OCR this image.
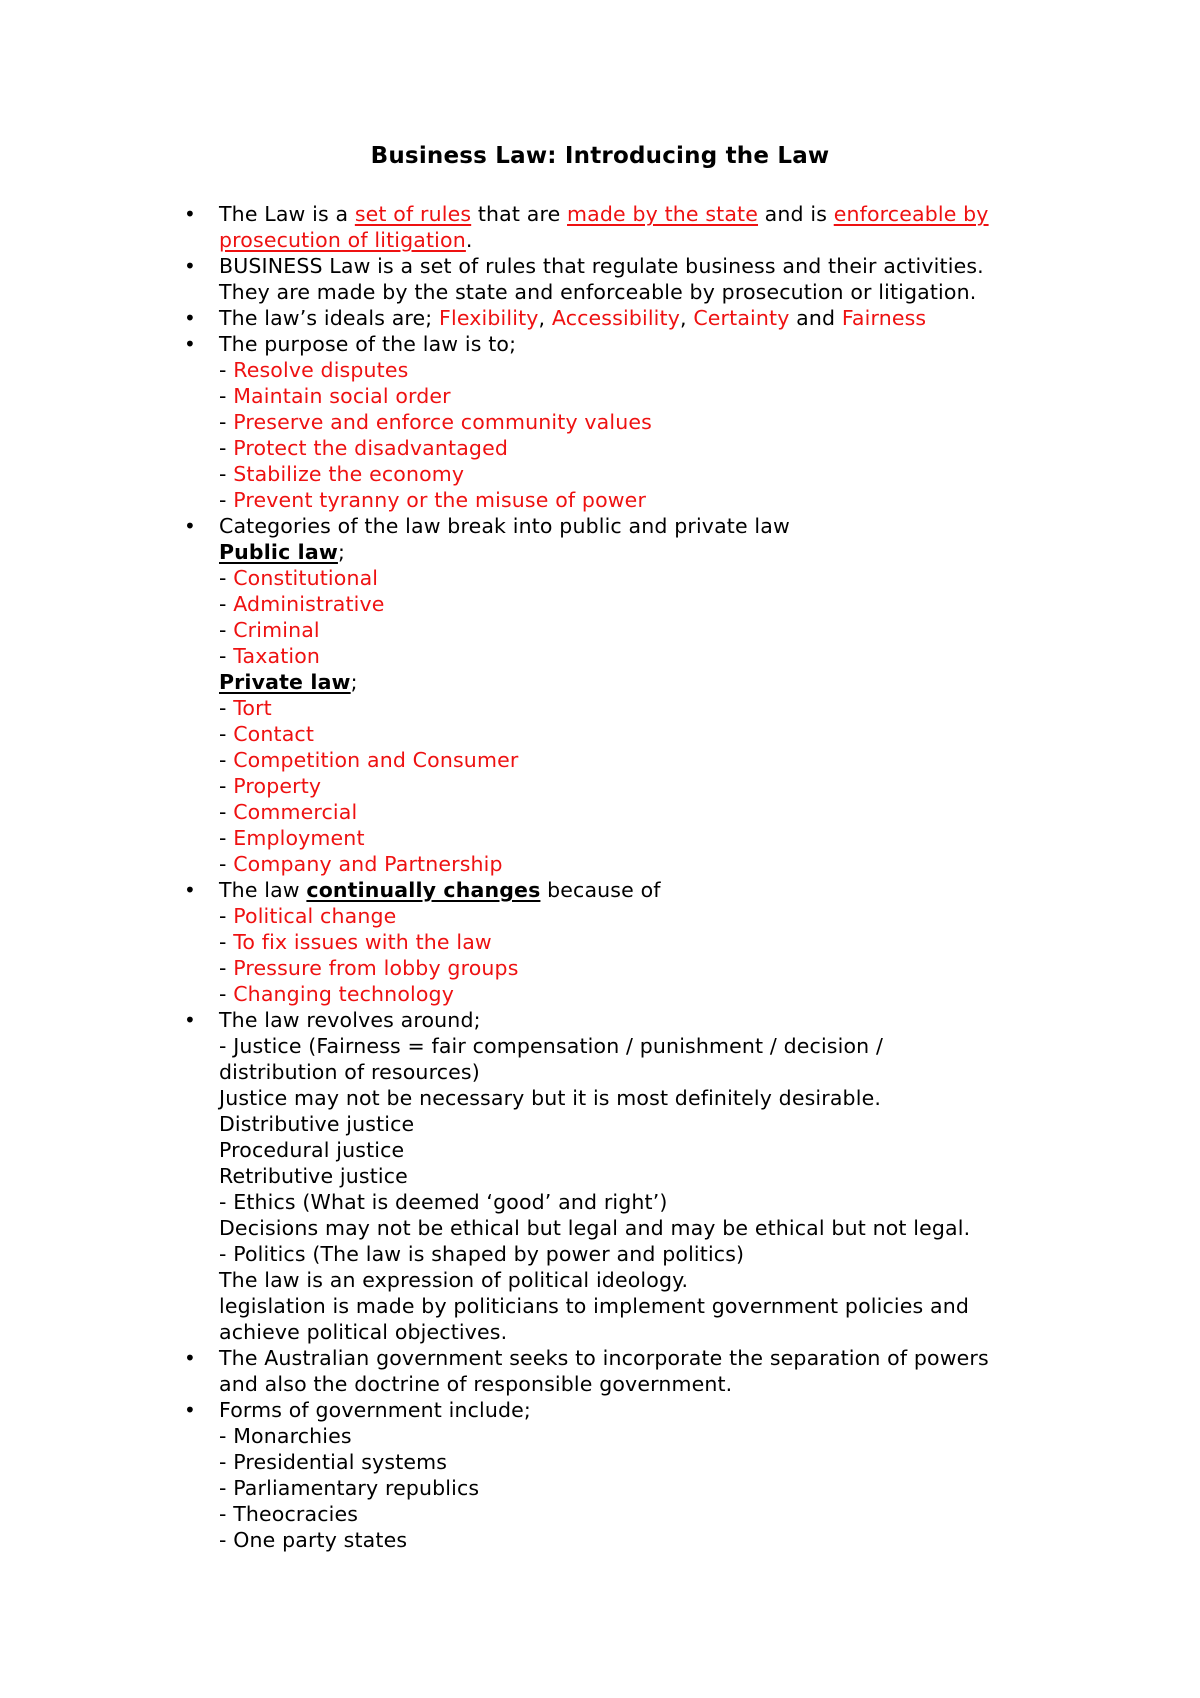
Business Law: Introducing the Law
• The Law is a set of rules that are made by the state and is enforceable by
prosecution of litigation.
• BUSINESS Law is a set of rules that regulate business and their activities.
They are made by the state and enforceable by prosecution or litigation.
• The law’s ideals are; Flexibility, Accessibility, Certainty and Fairness
• The purpose of the law is to;
- Resolve disputes
- Maintain social order
- Preserve and enforce community values
- Protect the disadvantaged
- Stabilize the economy
- Prevent tyranny or the misuse of power
• Categories of the law break into public and private law
Public law;
- Constitutional
- Administrative
- Criminal
- Taxation
Private law;
- Tort
- Contact
- Competition and Consumer
- Property
- Commercial
- Employment
- Company and Partnership
• The law continually changes because of
- Political change
- To fix issues with the law
- Pressure from lobby groups
- Changing technology
• The law revolves around;
- Justice (Fairness = fair compensation / punishment / decision /
distribution of resources)
Justice may not be necessary but it is most definitely desirable.
Distributive justice
Procedural justice
Retributive justice
- Ethics (What is deemed ‘good’ and right’)
Decisions may not be ethical but legal and may be ethical but not legal.
- Politics (The law is shaped by power and politics)
The law is an expression of political ideology.
legislation is made by politicians to implement government policies and
achieve political objectives.
• The Australian government seeks to incorporate the separation of powers
and also the doctrine of responsible government.
• Forms of government include;
- Monarchies
- Presidential systems
- Parliamentary republics
- Theocracies
- One party states
